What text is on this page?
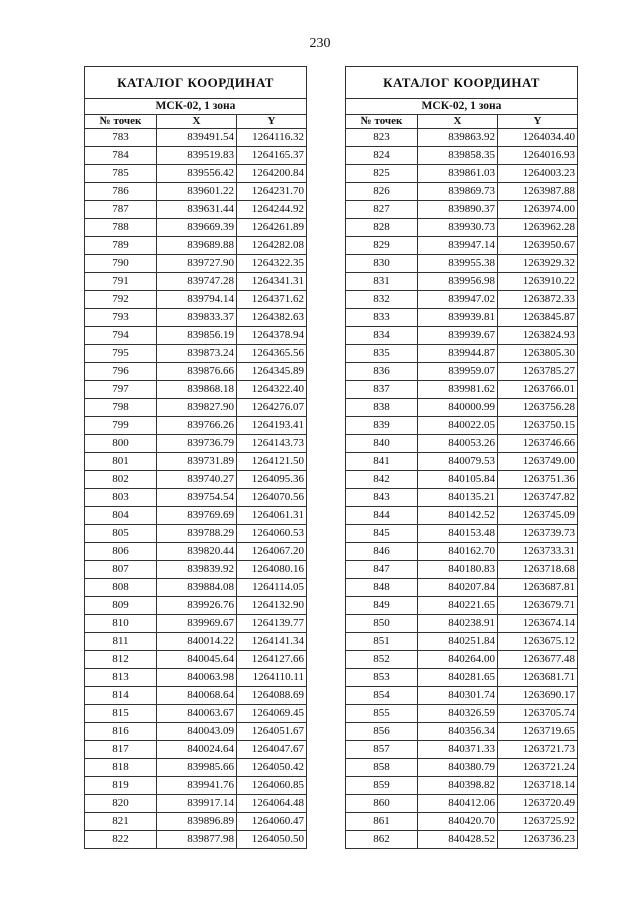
230
КАТАЛОГ КООРДИНАТ		
МСК-02, 1 зона		
№ точек	X	Y
783	839491.54	1264116.32
784	839519.83	1264165.37
785	839556.42	1264200.84
786	839601.22	1264231.70
787	839631.44	1264244.92
788	839669.39	1264261.89
789	839689.88	1264282.08
790	839727.90	1264322.35
791	839747.28	1264341.31
792	839794.14	1264371.62
793	839833.37	1264382.63
794	839856.19	1264378.94
795	839873.24	1264365.56
796	839876.66	1264345.89
797	839868.18	1264322.40
798	839827.90	1264276.07
799	839766.26	1264193.41
800	839736.79	1264143.73
801	839731.89	1264121.50
802	839740.27	1264095.36
803	839754.54	1264070.56
804	839769.69	1264061.31
805	839788.29	1264060.53
806	839820.44	1264067.20
807	839839.92	1264080.16
808	839884.08	1264114.05
809	839926.76	1264132.90
810	839969.67	1264139.77
811	840014.22	1264141.34
812	840045.64	1264127.66
813	840063.98	1264110.11
814	840068.64	1264088.69
815	840063.67	1264069.45
816	840043.09	1264051.67
817	840024.64	1264047.67
818	839985.66	1264050.42
819	839941.76	1264060.85
820	839917.14	1264064.48
821	839896.89	1264060.47
822	839877.98	1264050.50
КАТАЛОГ КООРДИНАТ		
МСК-02, 1 зона		
№ точек	X	Y
823	839863.92	1264034.40
824	839858.35	1264016.93
825	839861.03	1264003.23
826	839869.73	1263987.88
827	839890.37	1263974.00
828	839930.73	1263962.28
829	839947.14	1263950.67
830	839955.38	1263929.32
831	839956.98	1263910.22
832	839947.02	1263872.33
833	839939.81	1263845.87
834	839939.67	1263824.93
835	839944.87	1263805.30
836	839959.07	1263785.27
837	839981.62	1263766.01
838	840000.99	1263756.28
839	840022.05	1263750.15
840	840053.26	1263746.66
841	840079.53	1263749.00
842	840105.84	1263751.36
843	840135.21	1263747.82
844	840142.52	1263745.09
845	840153.48	1263739.73
846	840162.70	1263733.31
847	840180.83	1263718.68
848	840207.84	1263687.81
849	840221.65	1263679.71
850	840238.91	1263674.14
851	840251.84	1263675.12
852	840264.00	1263677.48
853	840281.65	1263681.71
854	840301.74	1263690.17
855	840326.59	1263705.74
856	840356.34	1263719.65
857	840371.33	1263721.73
858	840380.79	1263721.24
859	840398.82	1263718.14
860	840412.06	1263720.49
861	840420.70	1263725.92
862	840428.52	1263736.23
